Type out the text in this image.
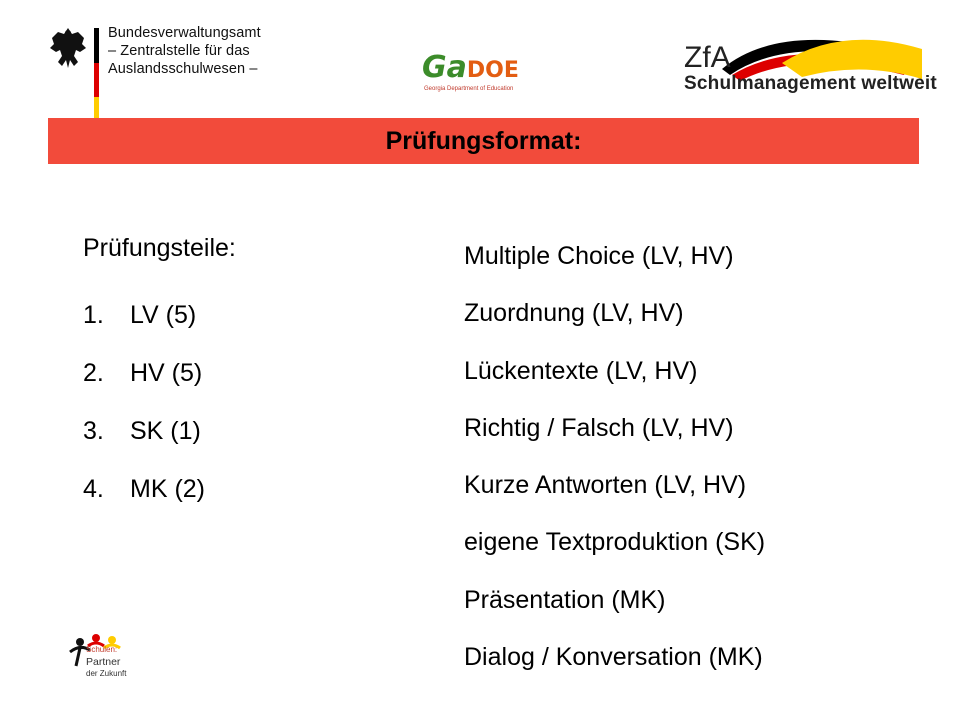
Bundesverwaltungsamt
– Zentralstelle für das
Auslandsschulwesen –	GaDOE
Georgia Department of Education
ZfA
Schulmanagement weltweit
Prüfungsformat:
Prüfungsteile:
1. LV (5)
2. HV (5)
3. SK (1)
4. MK (2)
Multiple Choice (LV, HV)
Zuordnung (LV, HV)
Lückentexte (LV, HV)
Richtig / Falsch (LV, HV)
Kurze Antworten (LV, HV)
eigene Textproduktion (SK)
Präsentation (MK)
Dialog / Konversation (MK)
Schulen:
Partner
der Zukunft
